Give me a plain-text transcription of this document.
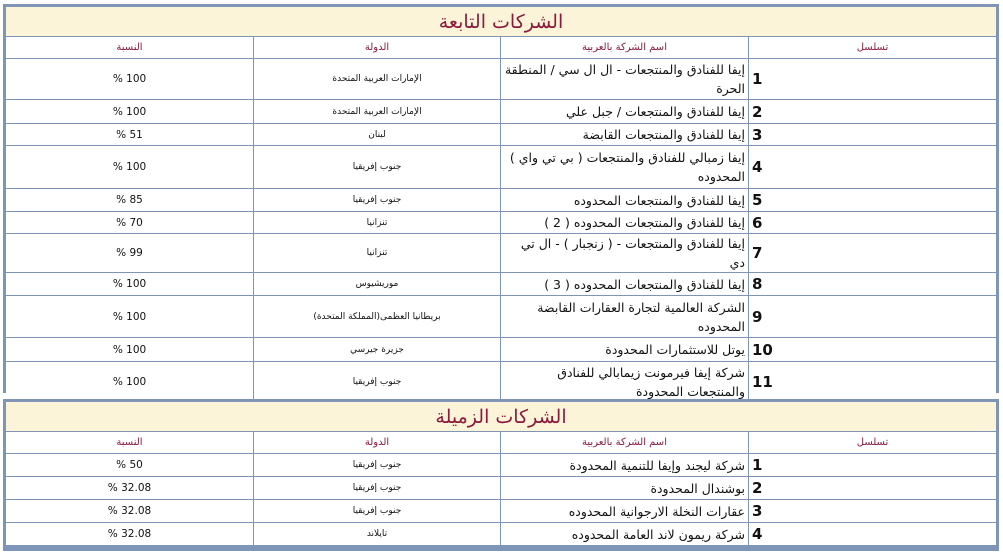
الشركات التابعة			
النسبة	الدولة	اسم الشركة بالعربية	تسلسل
100 %	الإمارات العربية المتحدة	إيفا للفنادق والمنتجعات - ال ال سي / المنطقة الحرة	1
100 %	الإمارات العربية المتحدة	إيفا للفنادق والمنتجعات / جبل علي	2
51 %	لبنان	إيفا للفنادق والمنتجعات القابضة	3
100 %	جنوب إفريقيا	إيفا زمبالي للفنادق والمنتجعات ( بي تي واي ) المحدوده	4
85 %	جنوب إفريقيا	إيفا للفنادق والمنتجعات المحدوده	5
70 %	تنزانيا	إيفا للفنادق والمنتجعات المحدوده ( 2 )	6
99 %	تنزانيا	إيفا للفنادق والمنتجعات - ( زنجبار ) - ال تي دي	7
100 %	موريشيوس	إيفا للفنادق والمنتجعات المحدوده ( 3 )	8
100 %	بريطانيا العظمى(المملكة المتحدة)	الشركة العالمية لتجارة العقارات القابضة المحدوده	9
100 %	جزيرة جيرسي	يوتل للاستثمارات المحدودة	10
100 %	جنوب إفريقيا	شركة إيفا فيرمونت زيمابالي للفنادق والمنتجعات المحدودة	11
الشركات الزميلة			
النسبة	الدولة	اسم الشركة بالعربية	تسلسل
50 %	جنوب إفريقيا	شركة ليجند وإيفا للتنمية المحدودة	1
32.08 %	جنوب إفريقيا	بوشندال المحدودة	2
32.08 %	جنوب إفريقيا	عقارات النخلة الارجوانية المحدوده	3
32.08 %	تايلاند	شركة ريمون لاند العامة المحدوده	4
